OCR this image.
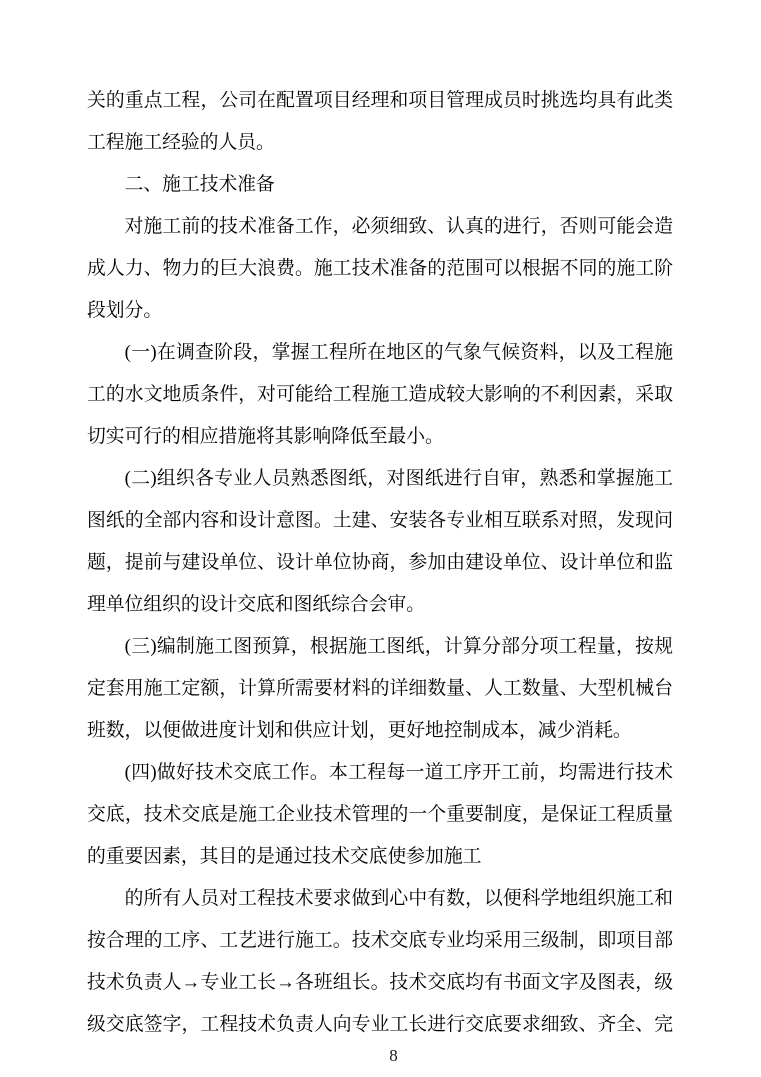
关的重点工程，公司在配置项目经理和项目管理成员时挑选均具有此类
工程施工经验的人员。
二、施工技术准备
对施工前的技术准备工作，必须细致、认真的进行，否则可能会造
成人力、物力的巨大浪费。施工技术准备的范围可以根据不同的施工阶
段划分。
(一)在调查阶段，掌握工程所在地区的气象气候资料，以及工程施
工的水文地质条件，对可能给工程施工造成较大影响的不利因素，采取
切实可行的相应措施将其影响降低至最小。
(二)组织各专业人员熟悉图纸，对图纸进行自审，熟悉和掌握施工
图纸的全部内容和设计意图。土建、安装各专业相互联系对照，发现问
题，提前与建设单位、设计单位协商，参加由建设单位、设计单位和监
理单位组织的设计交底和图纸综合会审。
(三)编制施工图预算，根据施工图纸，计算分部分项工程量，按规
定套用施工定额，计算所需要材料的详细数量、人工数量、大型机械台
班数，以便做进度计划和供应计划，更好地控制成本，减少消耗。
(四)做好技术交底工作。本工程每一道工序开工前，均需进行技术
交底，技术交底是施工企业技术管理的一个重要制度，是保证工程质量
的重要因素，其目的是通过技术交底使参加施工
的所有人员对工程技术要求做到心中有数，以便科学地组织施工和
按合理的工序、工艺进行施工。技术交底专业均采用三级制，即项目部
技术负责人→专业工长→各班组长。技术交底均有书面文字及图表，级
级交底签字，工程技术负责人向专业工长进行交底要求细致、齐全、完
8
